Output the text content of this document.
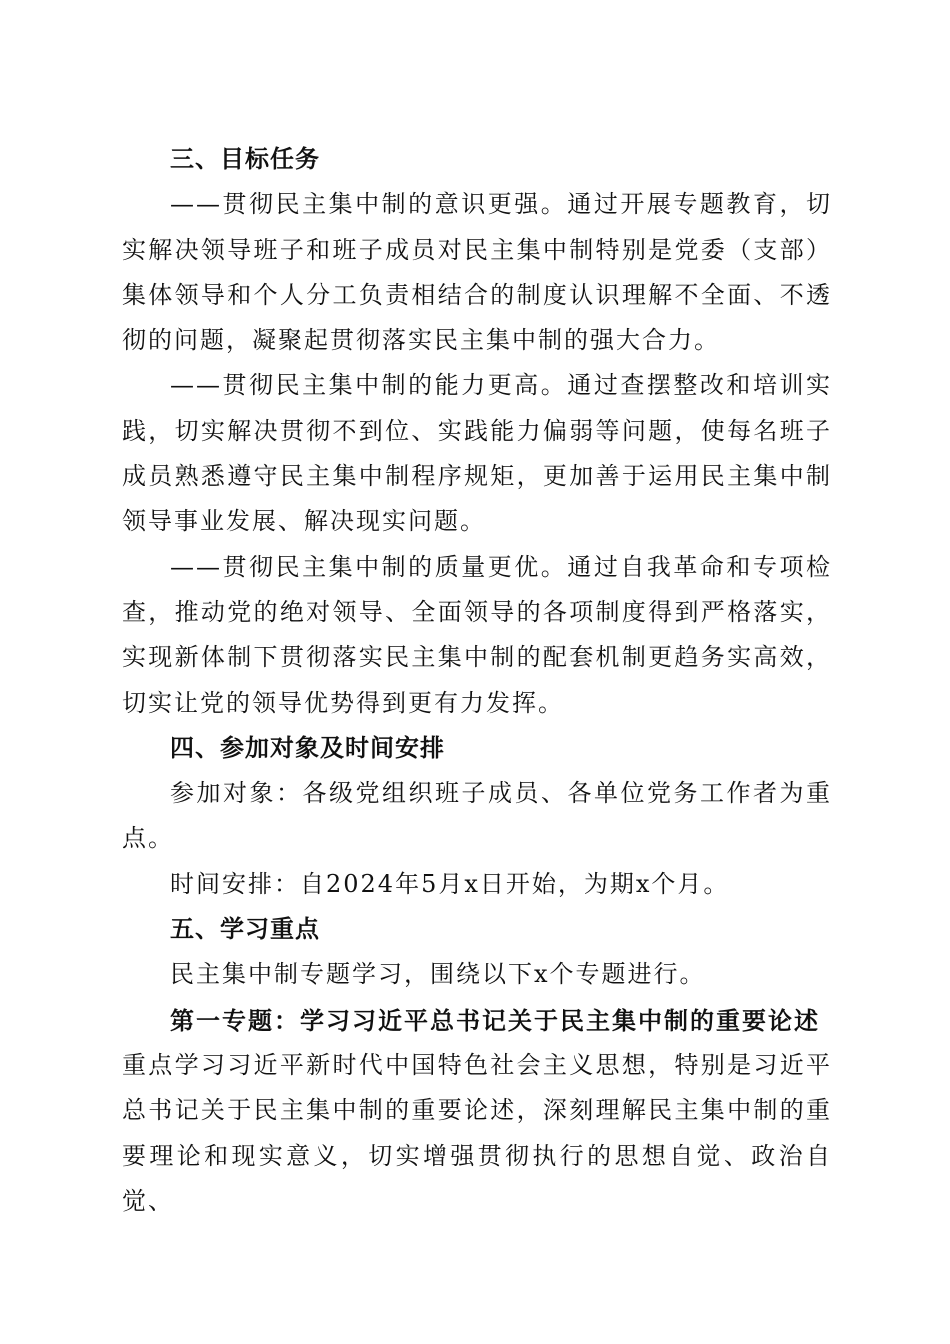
三、目标任务

——贯彻民主集中制的意识更强。通过开展专题教育，切实解决领导班子和班子成员对民主集中制特别是党委（支部）集体领导和个人分工负责相结合的制度认识理解不全面、不透彻的问题，凝聚起贯彻落实民主集中制的强大合力。

——贯彻民主集中制的能力更高。通过查摆整改和培训实践，切实解决贯彻不到位、实践能力偏弱等问题，使每名班子成员熟悉遵守民主集中制程序规矩，更加善于运用民主集中制领导事业发展、解决现实问题。

——贯彻民主集中制的质量更优。通过自我革命和专项检查，推动党的绝对领导、全面领导的各项制度得到严格落实，实现新体制下贯彻落实民主集中制的配套机制更趋务实高效，切实让党的领导优势得到更有力发挥。

四、参加对象及时间安排

参加对象：各级党组织班子成员、各单位党务工作者为重点。

时间安排：自2024年5月x日开始，为期x个月。

五、学习重点

民主集中制专题学习，围绕以下x个专题进行。

第一专题：学习习近平总书记关于民主集中制的重要论述

重点学习习近平新时代中国特色社会主义思想，特别是习近平总书记关于民主集中制的重要论述，深刻理解民主集中制的重要理论和现实意义，切实增强贯彻执行的思想自觉、政治自觉、
